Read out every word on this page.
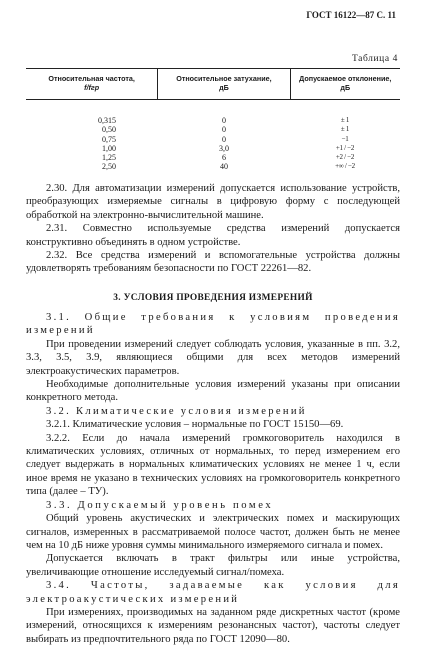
ГОСТ 16122—87 С. 11
Таблица 4
Относительная частота,
f/fгр
Относительное затухание,
дБ
Допускаемое отклонение,
дБ
0,315
0,50
0,75
1,00
1,25
2,50
0
0
0
3,0
6
40
± 1
± 1
−1
+1 / −2
+2 / −2
+∞ / −2

2.30. Для автоматизации измерений допускается использование устройств, преобразующих измеряемые сигналы в цифровую форму с последующей обработкой на электронно-вычислительной машине.

2.31. Совместно используемые средства измерений допускается конструктивно объединять в одном устройстве.

2.32. Все средства измерений и вспомогательные устройства должны удовлетворять требованиям безопасности по ГОСТ 22261—82.

3. УСЛОВИЯ ПРОВЕДЕНИЯ ИЗМЕРЕНИЙ

3.1. Общие требования к условиям проведения измерений

При проведении измерений следует соблюдать условия, указанные в пп. 3.2, 3.3, 3.5, 3.9, являющиеся общими для всех методов измерений электроакустических параметров.

Необходимые дополнительные условия измерений указаны при описании конкретного метода.

3.2. Климатические условия измерений

3.2.1. Климатические условия – нормальные по ГОСТ 15150—69.

3.2.2. Если до начала измерений громкоговоритель находился в климатических условиях, отличных от нормальных, то перед измерением его следует выдержать в нормальных климатических условиях не менее 1 ч, если иное время не указано в технических условиях на громкоговоритель конкретного типа (далее – ТУ).

3.3. Допускаемый уровень помех

Общий уровень акустических и электрических помех и маскирующих сигналов, измеренных в рассматриваемой полосе частот, должен быть не менее чем на 10 дБ ниже уровня суммы минимального измеряемого сигнала и помех.

Допускается включать в тракт фильтры или иные устройства, увеличивающие отношение исследуемый сигнал/помеха.

3.4. Частоты, задаваемые как условия для электроакустических измерений

При измерениях, производимых на заданном ряде дискретных частот (кроме измерений, относящихся к измерениям резонансных частот), частоты следует выбирать из предпочтительного ряда по ГОСТ 12090—80.
